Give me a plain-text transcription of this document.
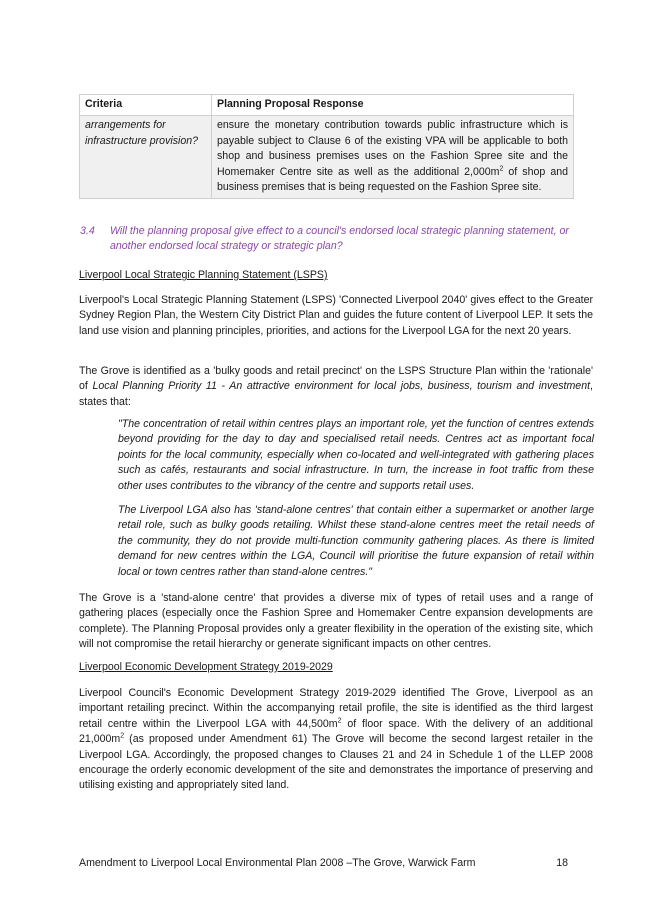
Criteria	Planning Proposal Response
arrangements for infrastructure provision?	ensure the monetary contribution towards public infrastructure which is payable subject to Clause 6 of the existing VPA will be applicable to both shop and business premises uses on the Fashion Spree site and the Homemaker Centre site as well as the additional $2,000m^2$ of shop and business premises that is being requested on the Fashion Spree site.
3.4 Will the planning proposal give effect to a council's endorsed local strategic planning statement, or another endorsed local strategy or strategic plan?

Liverpool Local Strategic Planning Statement (LSPS)

Liverpool's Local Strategic Planning Statement (LSPS) 'Connected Liverpool 2040' gives effect to the Greater Sydney Region Plan, the Western City District Plan and guides the future content of Liverpool LEP. It sets the land use vision and planning principles, priorities, and actions for the Liverpool LGA for the next 20 years.

The Grove is identified as a 'bulky goods and retail precinct' on the LSPS Structure Plan within the 'rationale' of Local Planning Priority 11 - An attractive environment for local jobs, business, tourism and investment, states that:

"The concentration of retail within centres plays an important role, yet the function of centres extends beyond providing for the day to day and specialised retail needs. Centres act as important focal points for the local community, especially when co-located and well-integrated with gathering places such as cafés, restaurants and social infrastructure. In turn, the increase in foot traffic from these other uses contributes to the vibrancy of the centre and supports retail uses.

The Liverpool LGA also has 'stand-alone centres' that contain either a supermarket or another large retail role, such as bulky goods retailing. Whilst these stand-alone centres meet the retail needs of the community, they do not provide multi-function community gathering places. As there is limited demand for new centres within the LGA, Council will prioritise the future expansion of retail within local or town centres rather than stand-alone centres."

The Grove is a 'stand-alone centre' that provides a diverse mix of types of retail uses and a range of gathering places (especially once the Fashion Spree and Homemaker Centre expansion developments are complete). The Planning Proposal provides only a greater flexibility in the operation of the existing site, which will not compromise the retail hierarchy or generate significant impacts on other centres.

Liverpool Economic Development Strategy 2019-2029

Liverpool Council's Economic Development Strategy 2019-2029 identified The Grove, Liverpool as an important retailing precinct. Within the accompanying retail profile, the site is identified as the third largest retail centre within the Liverpool LGA with $44,500m^2$ of floor space. With the delivery of an additional $21,000m^2$ (as proposed under Amendment 61) The Grove will become the second largest retailer in the Liverpool LGA. Accordingly, the proposed changes to Clauses 21 and 24 in Schedule 1 of the LLEP 2008 encourage the orderly economic development of the site and demonstrates the importance of preserving and utilising existing and appropriately sited land.

Amendment to Liverpool Local Environmental Plan 2008 –The Grove, Warwick Farm	18
